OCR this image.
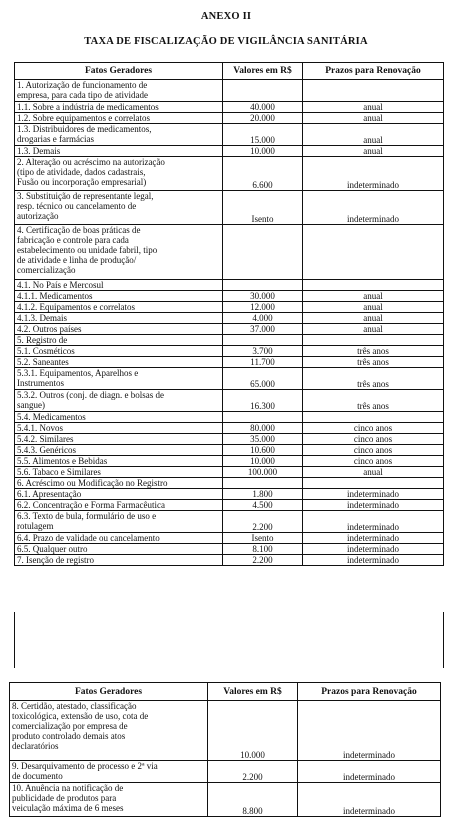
ANEXO II
TAXA DE FISCALIZAÇÃO DE VIGILÂNCIA SANITÁRIA
Fatos Geradores	Valores em R$	Prazos para Renovação
1. Autorização de funcionamento de
empresa, para cada tipo de atividade		
1.1. Sobre a indústria de medicamentos	40.000	anual
1.2. Sobre equipamentos e correlatos	20.000	anual
1.3. Distribuidores de medicamentos,
drogarias e farmácias	15.000	anual
1.3. Demais	10.000	anual
2. Alteração ou acréscimo na autorização
(tipo de atividade, dados cadastrais,
Fusão ou incorporação empresarial)	6.600	indeterminado
3. Substituição de representante legal,
resp. técnico ou cancelamento de
autorização	Isento	indeterminado
4. Certificação de boas práticas de
fabricação e controle para cada
estabelecimento ou unidade fabril, tipo
de atividade e linha de produção/
comercialização		
4.1. No País e Mercosul		
4.1.1. Medicamentos	30.000	anual
4.1.2. Equipamentos e correlatos	12.000	anual
4.1.3. Demais	4.000	anual
4.2. Outros países	37.000	anual
5. Registro de		
5.1. Cosméticos	3.700	três anos
5.2. Saneantes	11.700	três anos
5.3.1. Equipamentos, Aparelhos e
Instrumentos	65.000	três anos
5.3.2. Outros (conj. de diagn. e bolsas de
sangue)	16.300	três anos
5.4. Medicamentos		
5.4.1. Novos	80.000	cinco anos
5.4.2. Similares	35.000	cinco anos
5.4.3. Genéricos	10.600	cinco anos
5.5. Alimentos e Bebidas	10.000	cinco anos
5.6. Tabaco e Similares	100.000	anual
6. Acréscimo ou Modificação no Registro		
6.1. Apresentação	1.800	indeterminado
6.2. Concentração e Forma Farmacêutica	4.500	indeterminado
6.3. Texto de bula, formulário de uso e
rotulagem	2.200	indeterminado
6.4. Prazo de validade ou cancelamento	Isento	indeterminado
6.5. Qualquer outro	8.100	indeterminado
7. Isenção de registro	2.200	indeterminado
Fatos Geradores	Valores em R$	Prazos para Renovação
8. Certidão, atestado, classificação
toxicológica, extensão de uso, cota de
comercialização por empresa de
produto controlado demais atos
declaratórios	10.000	indeterminado
9. Desarquivamento de processo e 2ª via
de documento	2.200	indeterminado
10. Anuência na notificação de
publicidade de produtos para
veiculação máxima de 6 meses	8.800	indeterminado
